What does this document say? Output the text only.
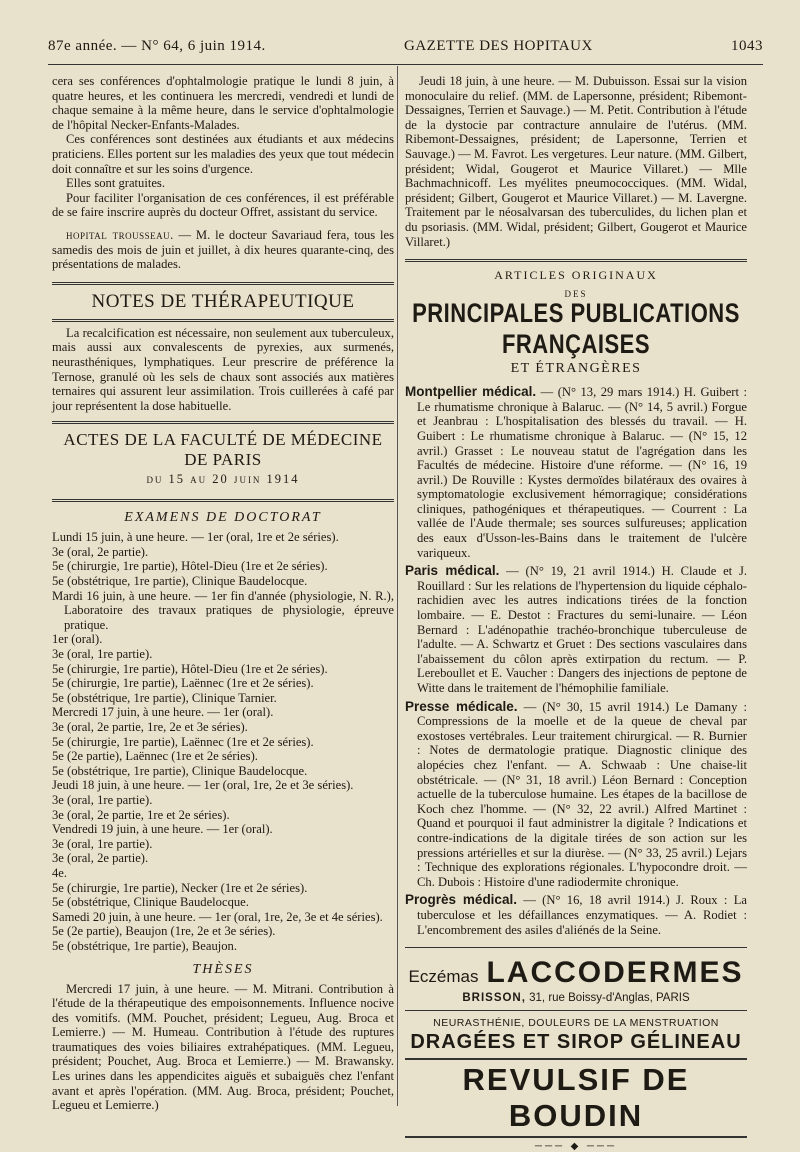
87e année. — N° 64, 6 juin 1914.	GAZETTE DES HOPITAUX	1043

cera ses conférences d'ophtalmologie pratique le lundi 8 juin, à quatre heures, et les continuera les mercredi, vendredi et lundi de chaque semaine à la même heure, dans le service d'ophtalmologie de l'hôpital Necker-Enfants-Malades.

Ces conférences sont destinées aux étudiants et aux médecins praticiens. Elles portent sur les maladies des yeux que tout médecin doit connaître et sur les soins d'urgence.

Elles sont gratuites.

Pour faciliter l'organisation de ces conférences, il est préférable de se faire inscrire auprès du docteur Offret, assistant du service.

hopital trousseau. — M. le docteur Savariaud fera, tous les samedis des mois de juin et juillet, à dix heures quarante-cinq, des présentations de malades.

NOTES DE THÉRAPEUTIQUE

La recalcification est nécessaire, non seulement aux tuberculeux, mais aussi aux convalescents de pyrexies, aux surmenés, neurasthéniques, lymphatiques. Leur prescrire de préférence la Ternose, granulé où les sels de chaux sont associés aux matières ternaires qui assurent leur assimilation. Trois cuillerées à café par jour représentent la dose habituelle.

ACTES DE LA FACULTÉ DE MÉDECINE DE PARIS
du 15 au 20 juin 1914
EXAMENS DE DOCTORAT

Lundi 15 juin, à une heure. — 1er (oral, 1re et 2e séries).

3e (oral, 2e partie).

5e (chirurgie, 1re partie), Hôtel-Dieu (1re et 2e séries).

5e (obstétrique, 1re partie), Clinique Baudelocque.

Mardi 16 juin, à une heure. — 1er fin d'année (physiologie, N. R.), Laboratoire des travaux pratiques de physiologie, épreuve pratique.

1er (oral).

3e (oral, 1re partie).

5e (chirurgie, 1re partie), Hôtel-Dieu (1re et 2e séries).

5e (chirurgie, 1re partie), Laënnec (1re et 2e séries).

5e (obstétrique, 1re partie), Clinique Tarnier.

Mercredi 17 juin, à une heure. — 1er (oral).

3e (oral, 2e partie, 1re, 2e et 3e séries).

5e (chirurgie, 1re partie), Laënnec (1re et 2e séries).

5e (2e partie), Laënnec (1re et 2e séries).

5e (obstétrique, 1re partie), Clinique Baudelocque.

Jeudi 18 juin, à une heure. — 1er (oral, 1re, 2e et 3e séries).

3e (oral, 1re partie).

3e (oral, 2e partie, 1re et 2e séries).

Vendredi 19 juin, à une heure. — 1er (oral).

3e (oral, 1re partie).

3e (oral, 2e partie).

4e.

5e (chirurgie, 1re partie), Necker (1re et 2e séries).

5e (obstétrique, Clinique Baudelocque.

Samedi 20 juin, à une heure. — 1er (oral, 1re, 2e, 3e et 4e séries).

5e (2e partie), Beaujon (1re, 2e et 3e séries).

5e (obstétrique, 1re partie), Beaujon.

THÈSES

Mercredi 17 juin, à une heure. — M. Mitrani. Contribution à l'étude de la thérapeutique des empoisonnements. Influence nocive des vomitifs. (MM. Pouchet, président; Legueu, Aug. Broca et Lemierre.) — M. Humeau. Contribution à l'étude des ruptures traumatiques des voies biliaires extrahépatiques. (MM. Legueu, président; Pouchet, Aug. Broca et Lemierre.) — M. Brawansky. Les urines dans les appendicites aiguës et subaiguës chez l'enfant avant et après l'opération. (MM. Aug. Broca, président; Pouchet, Legueu et Lemierre.)

Jeudi 18 juin, à une heure. — M. Dubuisson. Essai sur la vision monoculaire du relief. (MM. de Lapersonne, président; Ribemont-Dessaignes, Terrien et Sauvage.) — M. Petit. Contribution à l'étude de la dystocie par contracture annulaire de l'utérus. (MM. Ribemont-Dessaignes, président; de Lapersonne, Terrien et Sauvage.) — M. Favrot. Les vergetures. Leur nature. (MM. Gilbert, président; Widal, Gougerot et Maurice Villaret.) — Mlle Bachmachnicoff. Les myélites pneumococciques. (MM. Widal, président; Gilbert, Gougerot et Maurice Villaret.) — M. Lavergne. Traitement par le néosalvarsan des tuberculides, du lichen plan et du psoriasis. (MM. Widal, président; Gilbert, Gougerot et Maurice Villaret.)

ARTICLES ORIGINAUX
DES
PRINCIPALES PUBLICATIONS FRANÇAISES
ET ÉTRANGÈRES

Montpellier médical. — (N° 13, 29 mars 1914.) H. Guibert : Le rhumatisme chronique à Balaruc. — (N° 14, 5 avril.) Forgue et Jeanbrau : L'hospitalisation des blessés du travail. — H. Guibert : Le rhumatisme chronique à Balaruc. — (N° 15, 12 avril.) Grasset : Le nouveau statut de l'agrégation dans les Facultés de médecine. Histoire d'une réforme. — (N° 16, 19 avril.) De Rouville : Kystes dermoïdes bilatéraux des ovaires à symptomatologie exclusivement hémorragique; considérations cliniques, pathogéniques et thérapeutiques. — Courrent : La vallée de l'Aude thermale; ses sources sulfureuses; application des eaux d'Usson-les-Bains dans le traitement de l'ulcère variqueux.

Paris médical. — (N° 19, 21 avril 1914.) H. Claude et J. Rouillard : Sur les relations de l'hypertension du liquide céphalo-rachidien avec les autres indications tirées de la fonction lombaire. — E. Destot : Fractures du semi-lunaire. — Léon Bernard : L'adénopathie trachéo-bronchique tuberculeuse de l'adulte. — A. Schwartz et Gruet : Des sections vasculaires dans l'abaissement du côlon après extirpation du rectum. — P. Lereboullet et E. Vaucher : Dangers des injections de peptone de Witte dans le traitement de l'hémophilie familiale.

Presse médicale. — (N° 30, 15 avril 1914.) Le Damany : Compressions de la moelle et de la queue de cheval par exostoses vertébrales. Leur traitement chirurgical. — R. Burnier : Notes de dermatologie pratique. Diagnostic clinique des alopécies chez l'enfant. — A. Schwaab : Une chaise-lit obstétricale. — (N° 31, 18 avril.) Léon Bernard : Conception actuelle de la tuberculose humaine. Les étapes de la bacillose de Koch chez l'homme. — (N° 32, 22 avril.) Alfred Martinet : Quand et pourquoi il faut administrer la digitale ? Indications et contre-indications de la digitale tirées de son action sur les pressions artérielles et sur la diurèse. — (N° 33, 25 avril.) Lejars : Technique des explorations régionales. L'hypocondre droit. — Ch. Dubois : Histoire d'une radiodermite chronique.

Progrès médical. — (N° 16, 18 avril 1914.) J. Roux : La tuberculose et les défaillances enzymatiques. — A. Rodiet : L'encombrement des asiles d'aliénés de la Seine.

Eczémas LACCODERMES
BRISSON, 31, rue Boissy-d'Anglas, PARIS
NEURASTHÉNIE, DOULEURS DE LA MENSTRUATION
DRAGÉES ET SIROP GÉLINEAU
REVULSIF DE BOUDIN
─── ◆ ───
